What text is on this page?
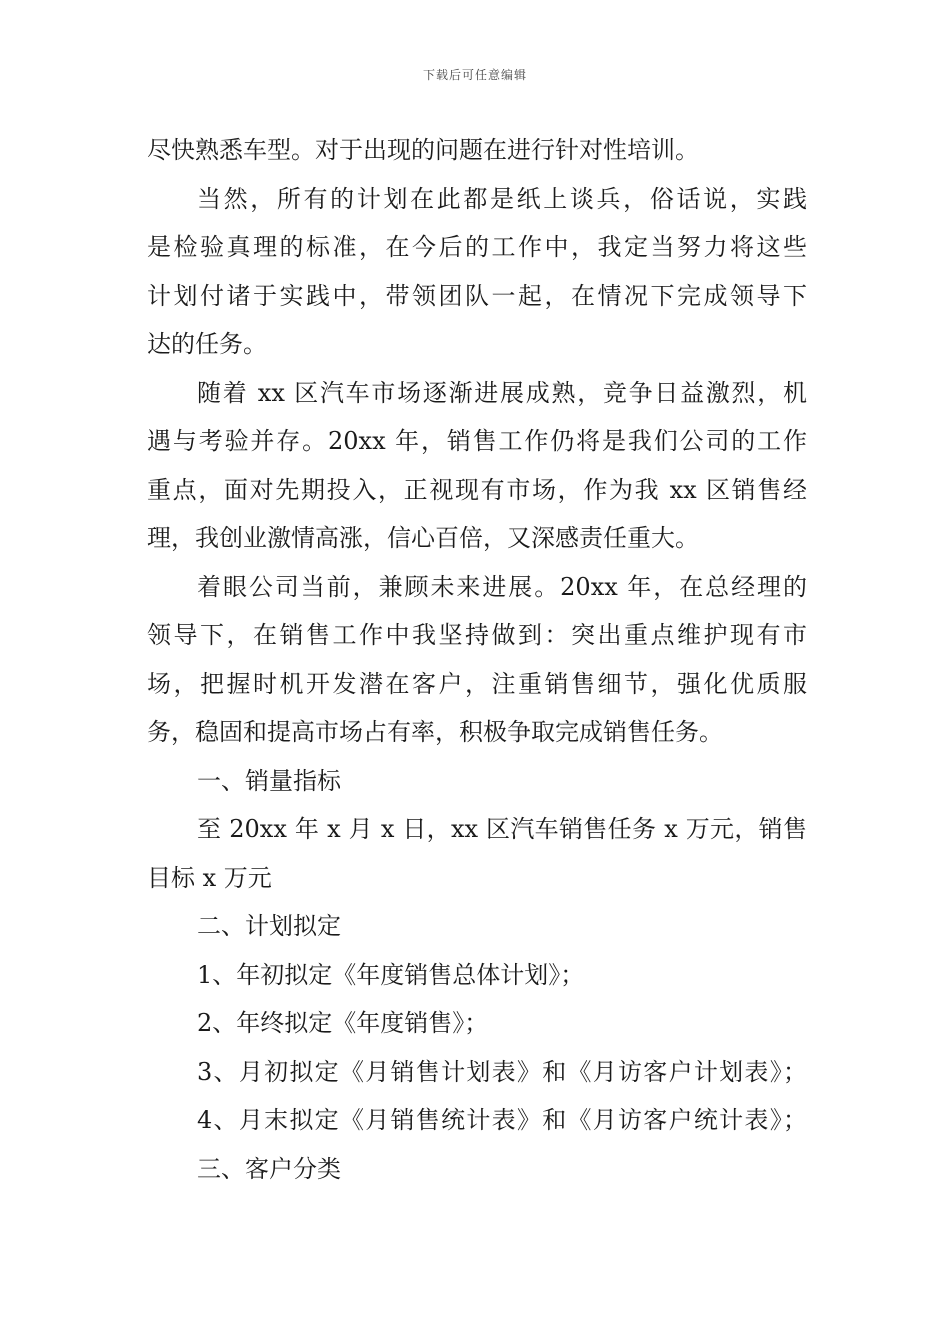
下载后可任意编辑
尽快熟悉车型。对于出现的问题在进行针对性培训。
当然，所有的计划在此都是纸上谈兵，俗话说，实践
是检验真理的标准，在今后的工作中，我定当努力将这些
计划付诸于实践中，带领团队一起，在情况下完成领导下
达的任务。
随着 xx 区汽车市场逐渐进展成熟，竞争日益激烈，机
遇与考验并存。20xx 年，销售工作仍将是我们公司的工作
重点，面对先期投入，正视现有市场，作为我 xx 区销售经
理，我创业激情高涨，信心百倍，又深感责任重大。
着眼公司当前，兼顾未来进展。20xx 年，在总经理的
领导下，在销售工作中我坚持做到：突出重点维护现有市
场，把握时机开发潜在客户，注重销售细节，强化优质服
务，稳固和提高市场占有率，积极争取完成销售任务。
一、销量指标
至 20xx 年 x 月 x 日，xx 区汽车销售任务 x 万元，销售
目标 x 万元
二、计划拟定
1、年初拟定《年度销售总体计划》；
2、年终拟定《年度销售》；
3、月初拟定《月销售计划表》和《月访客户计划表》；
4、月末拟定《月销售统计表》和《月访客户统计表》；
三、客户分类
